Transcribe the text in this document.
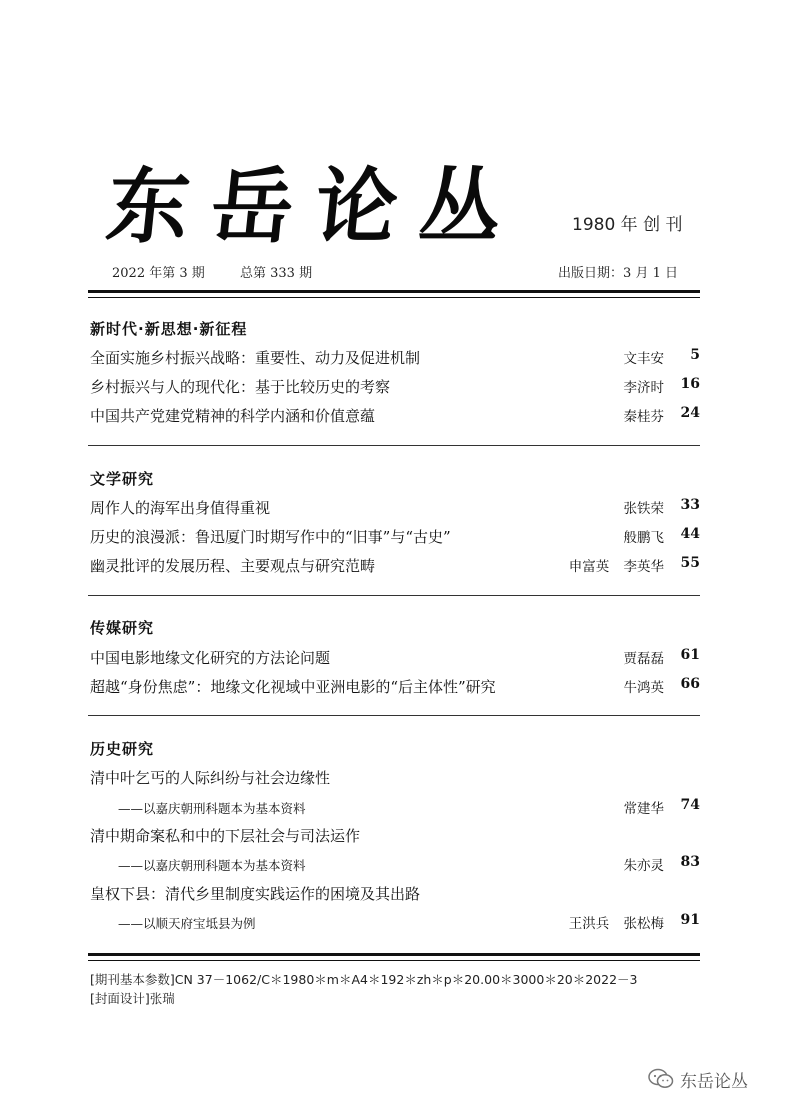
东岳论丛	1980 年 创 刊
2022 年第 3 期	总第 333 期	出版日期：3 月 1 日
新时代·新思想·新征程
全面实施乡村振兴战略：重要性、动力及促进机制	文丰安	5
乡村振兴与人的现代化：基于比较历史的考察	李济时	16
中国共产党建党精神的科学内涵和价值意蕴	秦桂芬	24
文学研究
周作人的海军出身值得重视	张铁荣	33
历史的浪漫派：鲁迅厦门时期写作中的“旧事”与“古史”	般鹏飞	44
幽灵批评的发展历程、主要观点与研究范畴	申富英 李英华	55
传媒研究
中国电影地缘文化研究的方法论问题	贾磊磊	61
超越“身份焦虑”：地缘文化视域中亚洲电影的“后主体性”研究	牛鸿英	66
历史研究
清中叶乞丐的人际纠纷与社会边缘性
——以嘉庆朝刑科题本为基本资料	常建华	74
清中期命案私和中的下层社会与司法运作
——以嘉庆朝刑科题本为基本资料	朱亦灵	83
皇权下县：清代乡里制度实践运作的困境及其出路
——以顺天府宝坻县为例	王洪兵 张松梅	91
[期刊基本参数]CN 37－1062/C＊1980＊m＊A4＊192＊zh＊p＊20.00＊3000＊20＊2022－3
[封面设计]张瑞
东岳论丛
